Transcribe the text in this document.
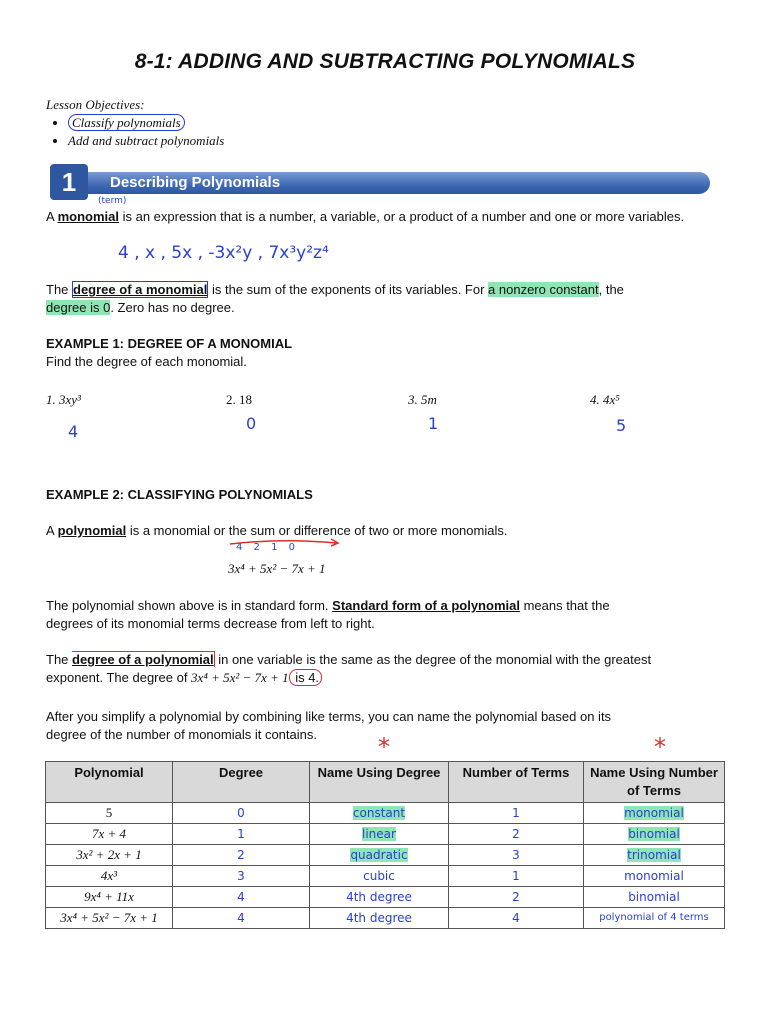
8-1: ADDING AND SUBTRACTING POLYNOMIALS
Lesson Objectives:
• Classify polynomials
• Add and subtract polynomials
1	Describing Polynomials
(term)
A monomial is an expression that is a number, a variable, or a product of a number and one or more variables.
4 , x , 5x , -3x²y , 7x³y²z⁴
The degree of a monomial is the sum of the exponents of its variables. For a nonzero constant, the
degree is 0. Zero has no degree.
EXAMPLE 1: DEGREE OF A MONOMIAL
Find the degree of each monomial.
1. 3xy³	2. 18	3. 5m	4. 4x⁵
4	0	1	5
EXAMPLE 2: CLASSIFYING POLYNOMIALS
A polynomial is a monomial or the sum or difference of two or more monomials.
4 2 1 0
3x⁴ + 5x² − 7x + 1
The polynomial shown above is in standard form. Standard form of a polynomial means that the
degrees of its monomial terms decrease from left to right.
The degree of a polynomial in one variable is the same as the degree of the monomial with the greatest
exponent. The degree of 3x⁴ + 5x² − 7x + 1 is 4.
After you simplify a polynomial by combining like terms, you can name the polynomial based on its
degree of the number of monomials it contains.	*	*
Polynomial	Degree	Name Using Degree	Number of Terms	Name Using Number of Terms
5	0	constant	1	monomial
7x + 4	1	linear	2	binomial
3x² + 2x + 1	2	quadratic	3	trinomial
4x³	3	cubic	1	monomial
9x⁴ + 11x	4	4th degree	2	binomial
3x⁴ + 5x² − 7x + 1	4	4th degree	4	polynomial of 4 terms
